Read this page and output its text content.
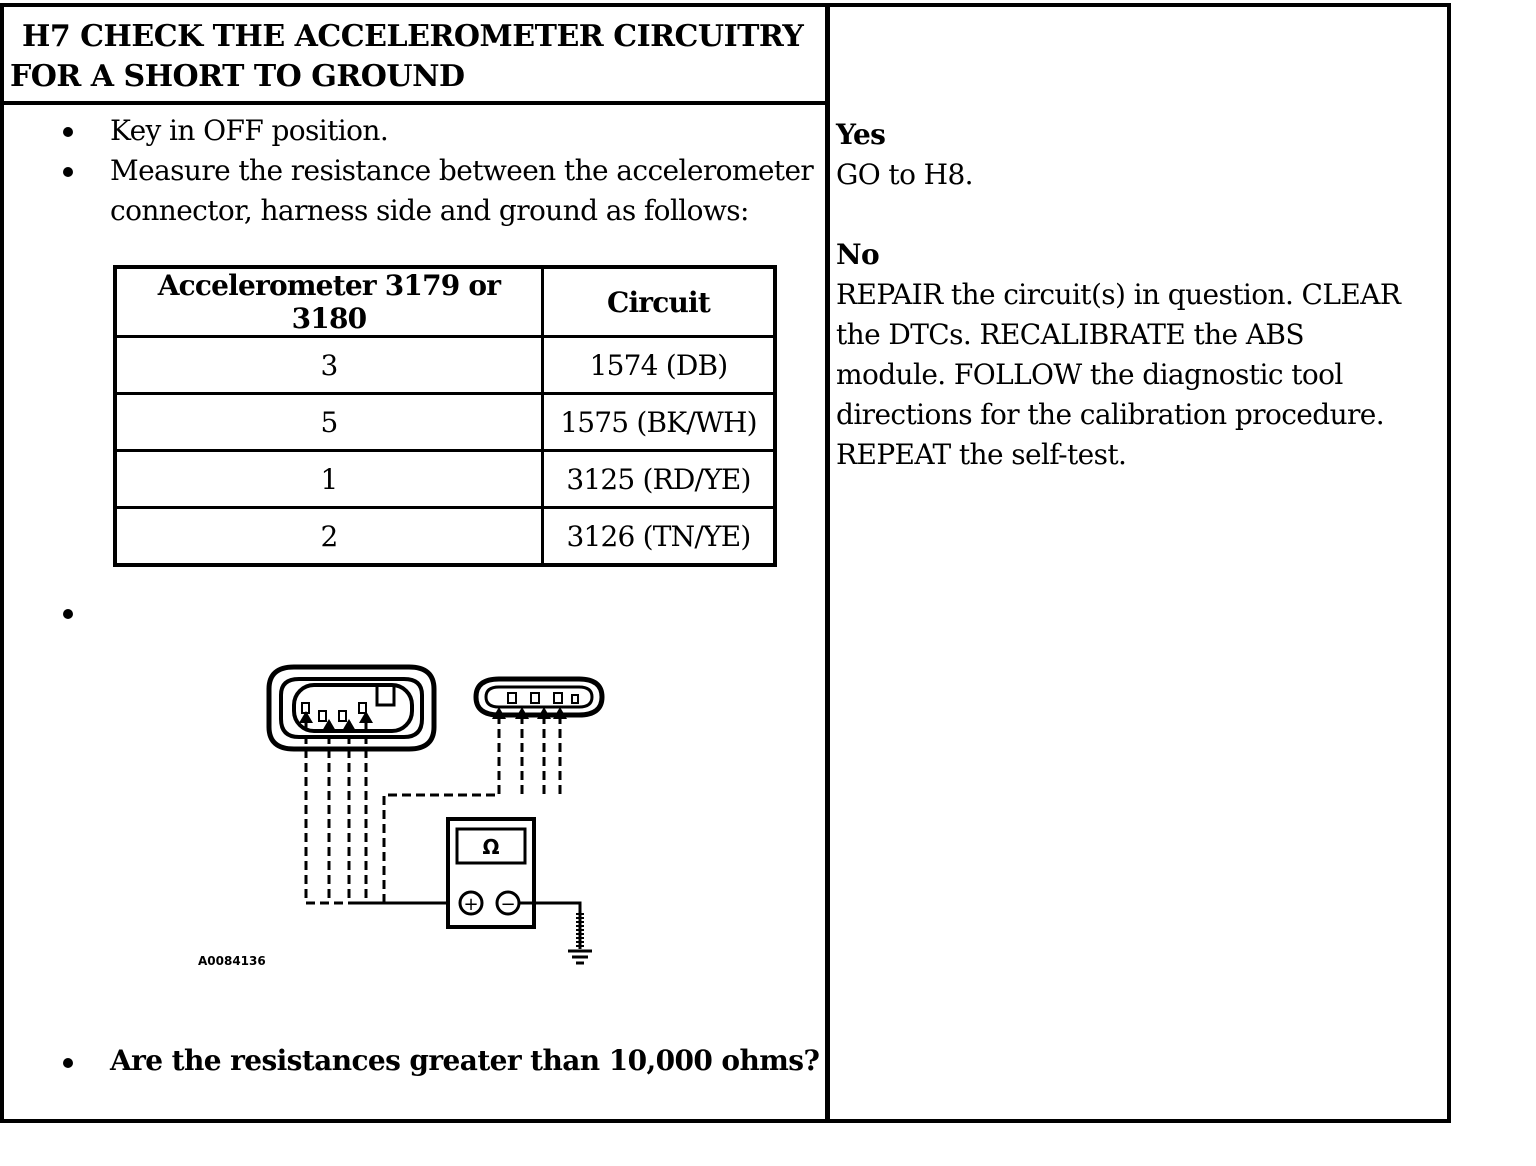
H7 CHECK THE ACCELEROMETER CIRCUITRY
FOR A SHORT TO GROUND
Key in OFF position.
Measure the resistance between the accelerometer
connector, harness side and ground as follows:
Accelerometer 3179 or 3180	Circuit
3	1574 (DB)
5	1575 (BK/WH)
1	3125 (RD/YE)
2	3126 (TN/YE)
Ω
+ −
A0084136
Are the resistances greater than 10,000 ohms?
Yes
GO to H8.
No
REPAIR the circuit(s) in question. CLEAR
the DTCs. RECALIBRATE the ABS
module. FOLLOW the diagnostic tool
directions for the calibration procedure.
REPEAT the self-test.
